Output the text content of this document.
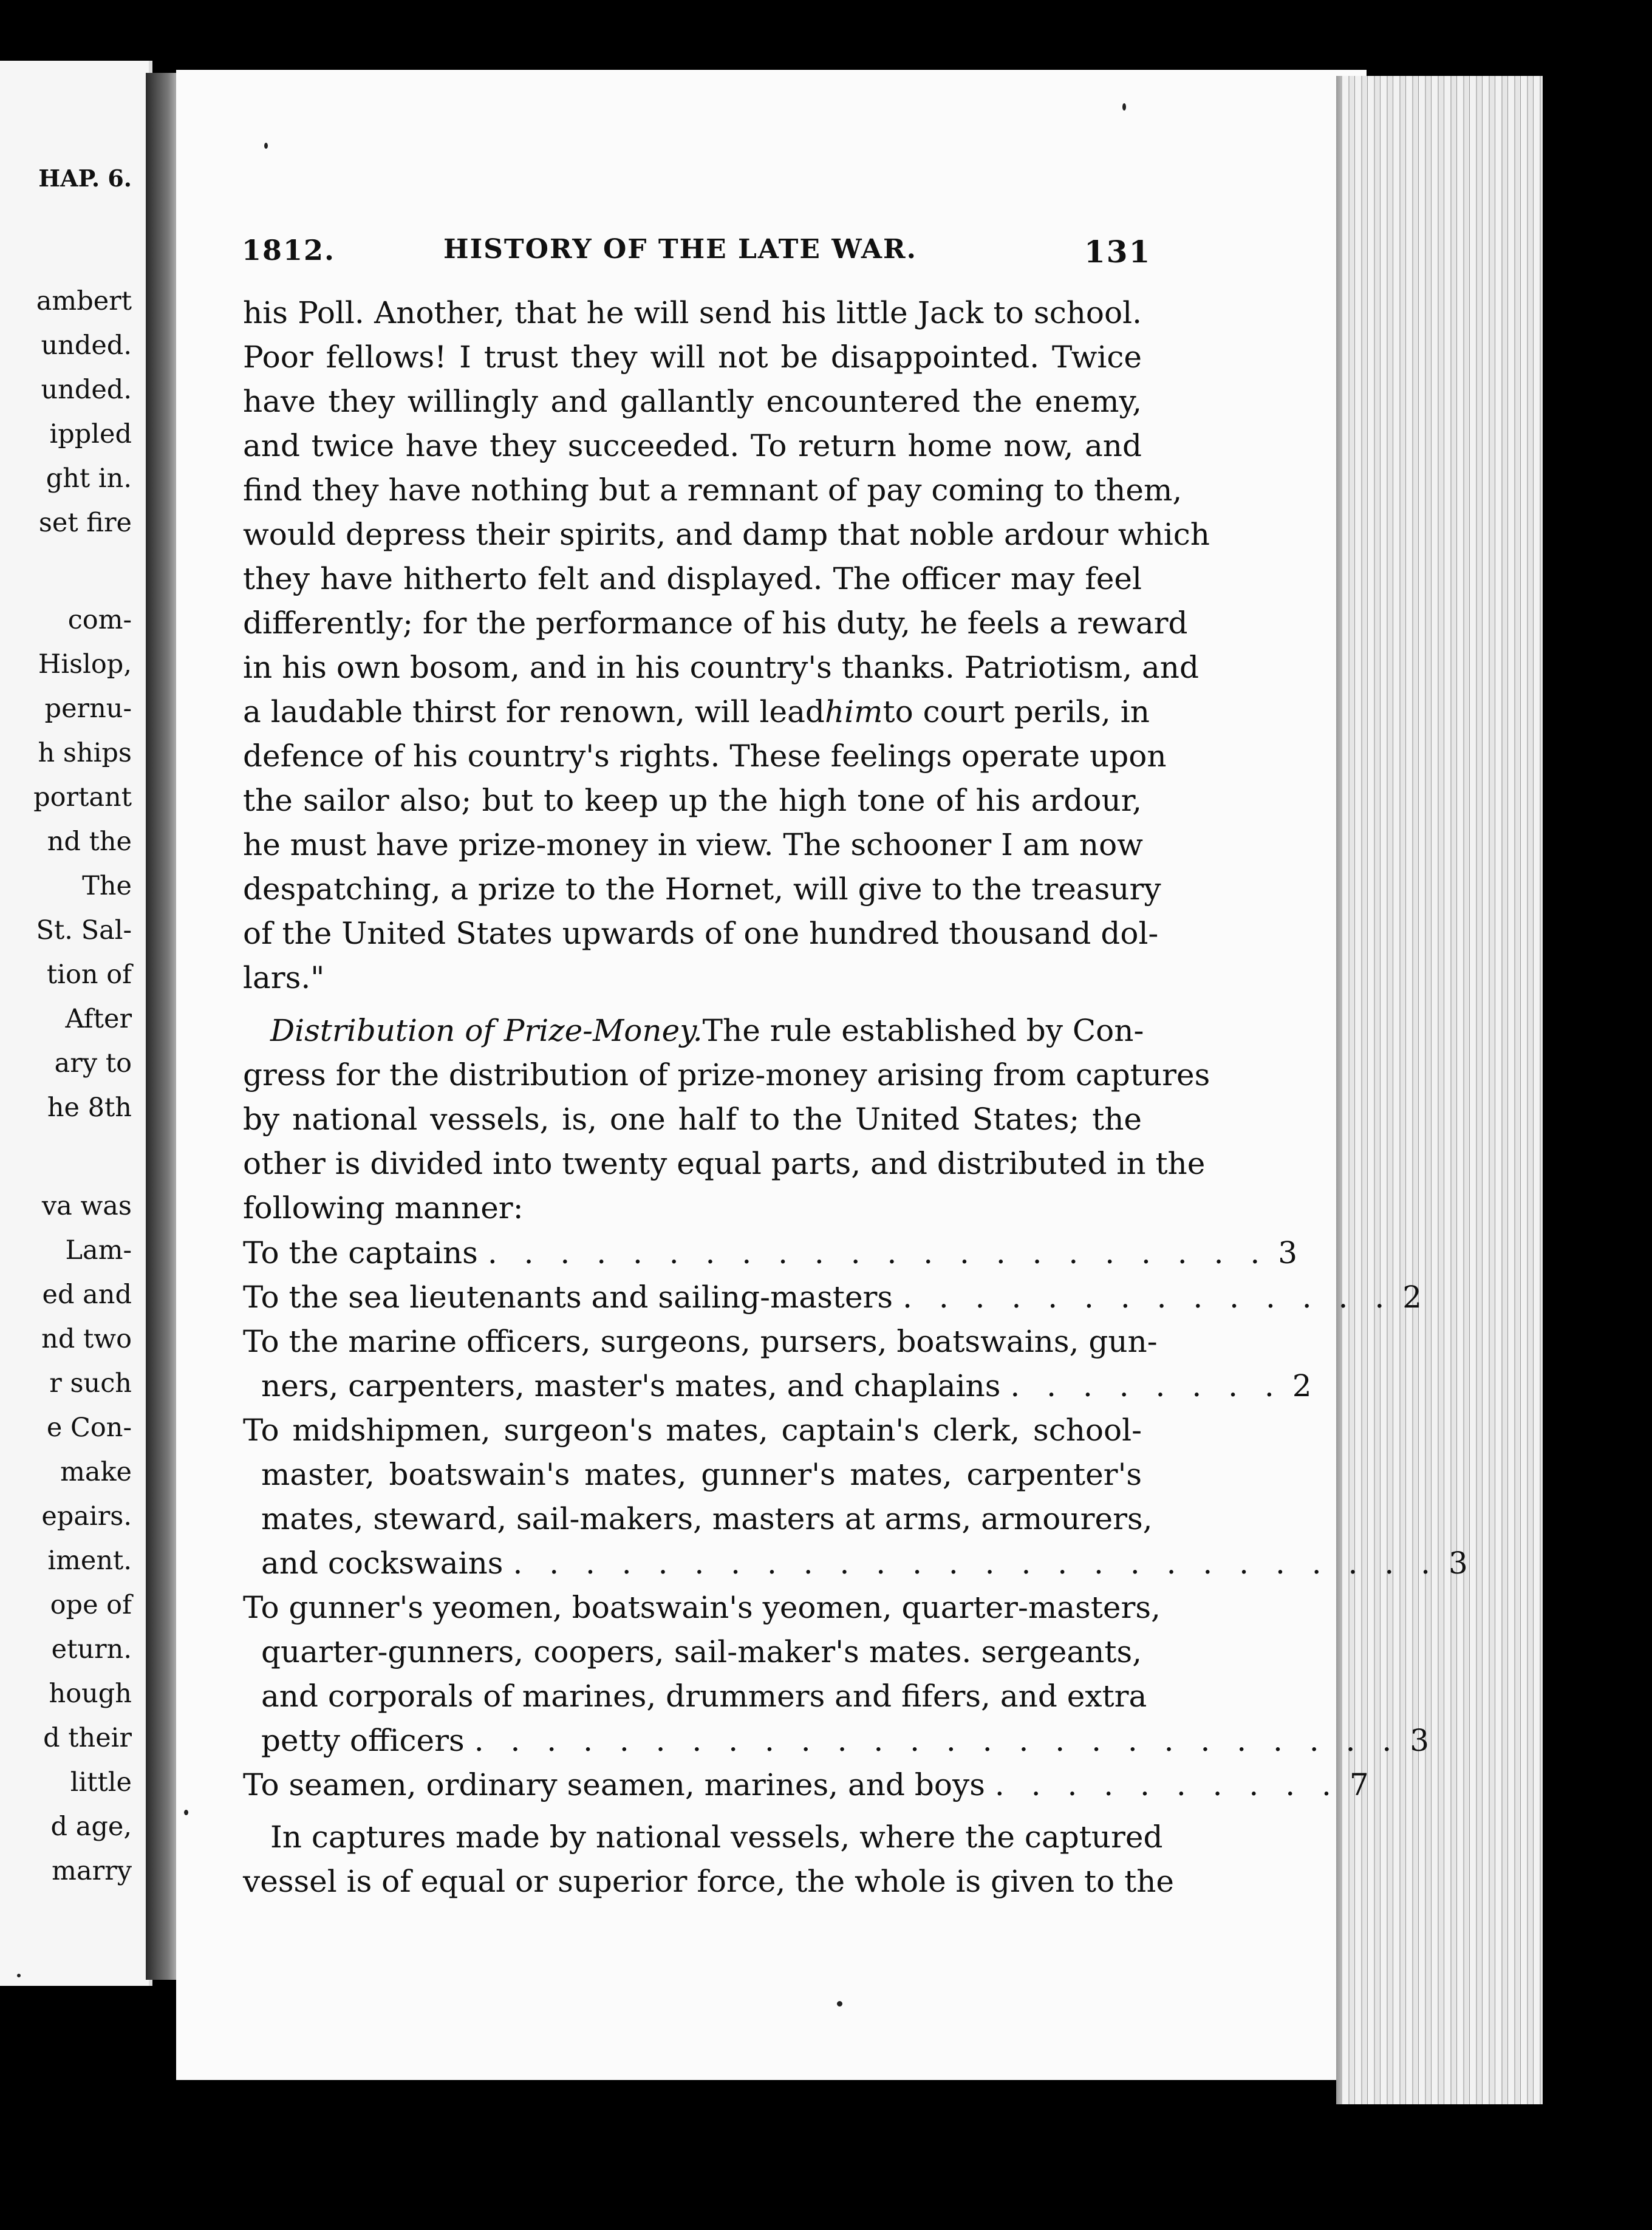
HAP. 6.
ambert
unded.
unded.
ippled
ght in.
set fire
com-
Hislop,
pernu-
h ships
portant
nd the
The
St. Sal-
tion of
After
ary to
he 8th
va was
Lam-
ed and
nd two
r such
e Con-
make
epairs.
iment.
ope of
eturn.
hough
d their
little
d age,
marry
1812.	HISTORY OF THE LATE WAR.	131
his Poll. Another, that he will send his little Jack to school.
Poor fellows! I trust they will not be disappointed. Twice
have they willingly and gallantly encountered the enemy,
and twice have they succeeded. To return home now, and
find they have nothing but a remnant of pay coming to them,
would depress their spirits, and damp that noble ardour which
they have hitherto felt and displayed. The officer may feel
differently; for the performance of his duty, he feels a reward
in his own bosom, and in his country's thanks. Patriotism, and
a laudable thirst for renown, will lead him to court perils, in
defence of his country's rights. These feelings operate upon
the sailor also; but to keep up the high tone of his ardour,
he must have prize-money in view. The schooner I am now
despatching, a prize to the Hornet, will give to the treasury
of the United States upwards of one hundred thousand dol-
lars."
Distribution of Prize-Money. The rule established by Con-
gress for the distribution of prize-money arising from captures
by national vessels, is, one half to the United States; the
other is divided into twenty equal parts, and distributed in the
following manner:
To the captains . . . . . . . . . . . . . . . . . . . . . . 3
To the sea lieutenants and sailing-masters . . . . . . . . . . . . . . 2
To the marine officers, surgeons, pursers, boatswains, gun-
ners, carpenters, master's mates, and chaplains . . . . . . . . 2
To midshipmen, surgeon's mates, captain's clerk, school-
master, boatswain's mates, gunner's mates, carpenter's
mates, steward, sail-makers, masters at arms, armourers,
and cockswains . . . . . . . . . . . . . . . . . . . . . . . . . . 3
To gunner's yeomen, boatswain's yeomen, quarter-masters,
quarter-gunners, coopers, sail-maker's mates. sergeants,
and corporals of marines, drummers and fifers, and extra
petty officers . . . . . . . . . . . . . . . . . . . . . . . . . . 3
To seamen, ordinary seamen, marines, and boys . . . . . . . . . . 7
In captures made by national vessels, where the captured
vessel is of equal or superior force, the whole is given to the
